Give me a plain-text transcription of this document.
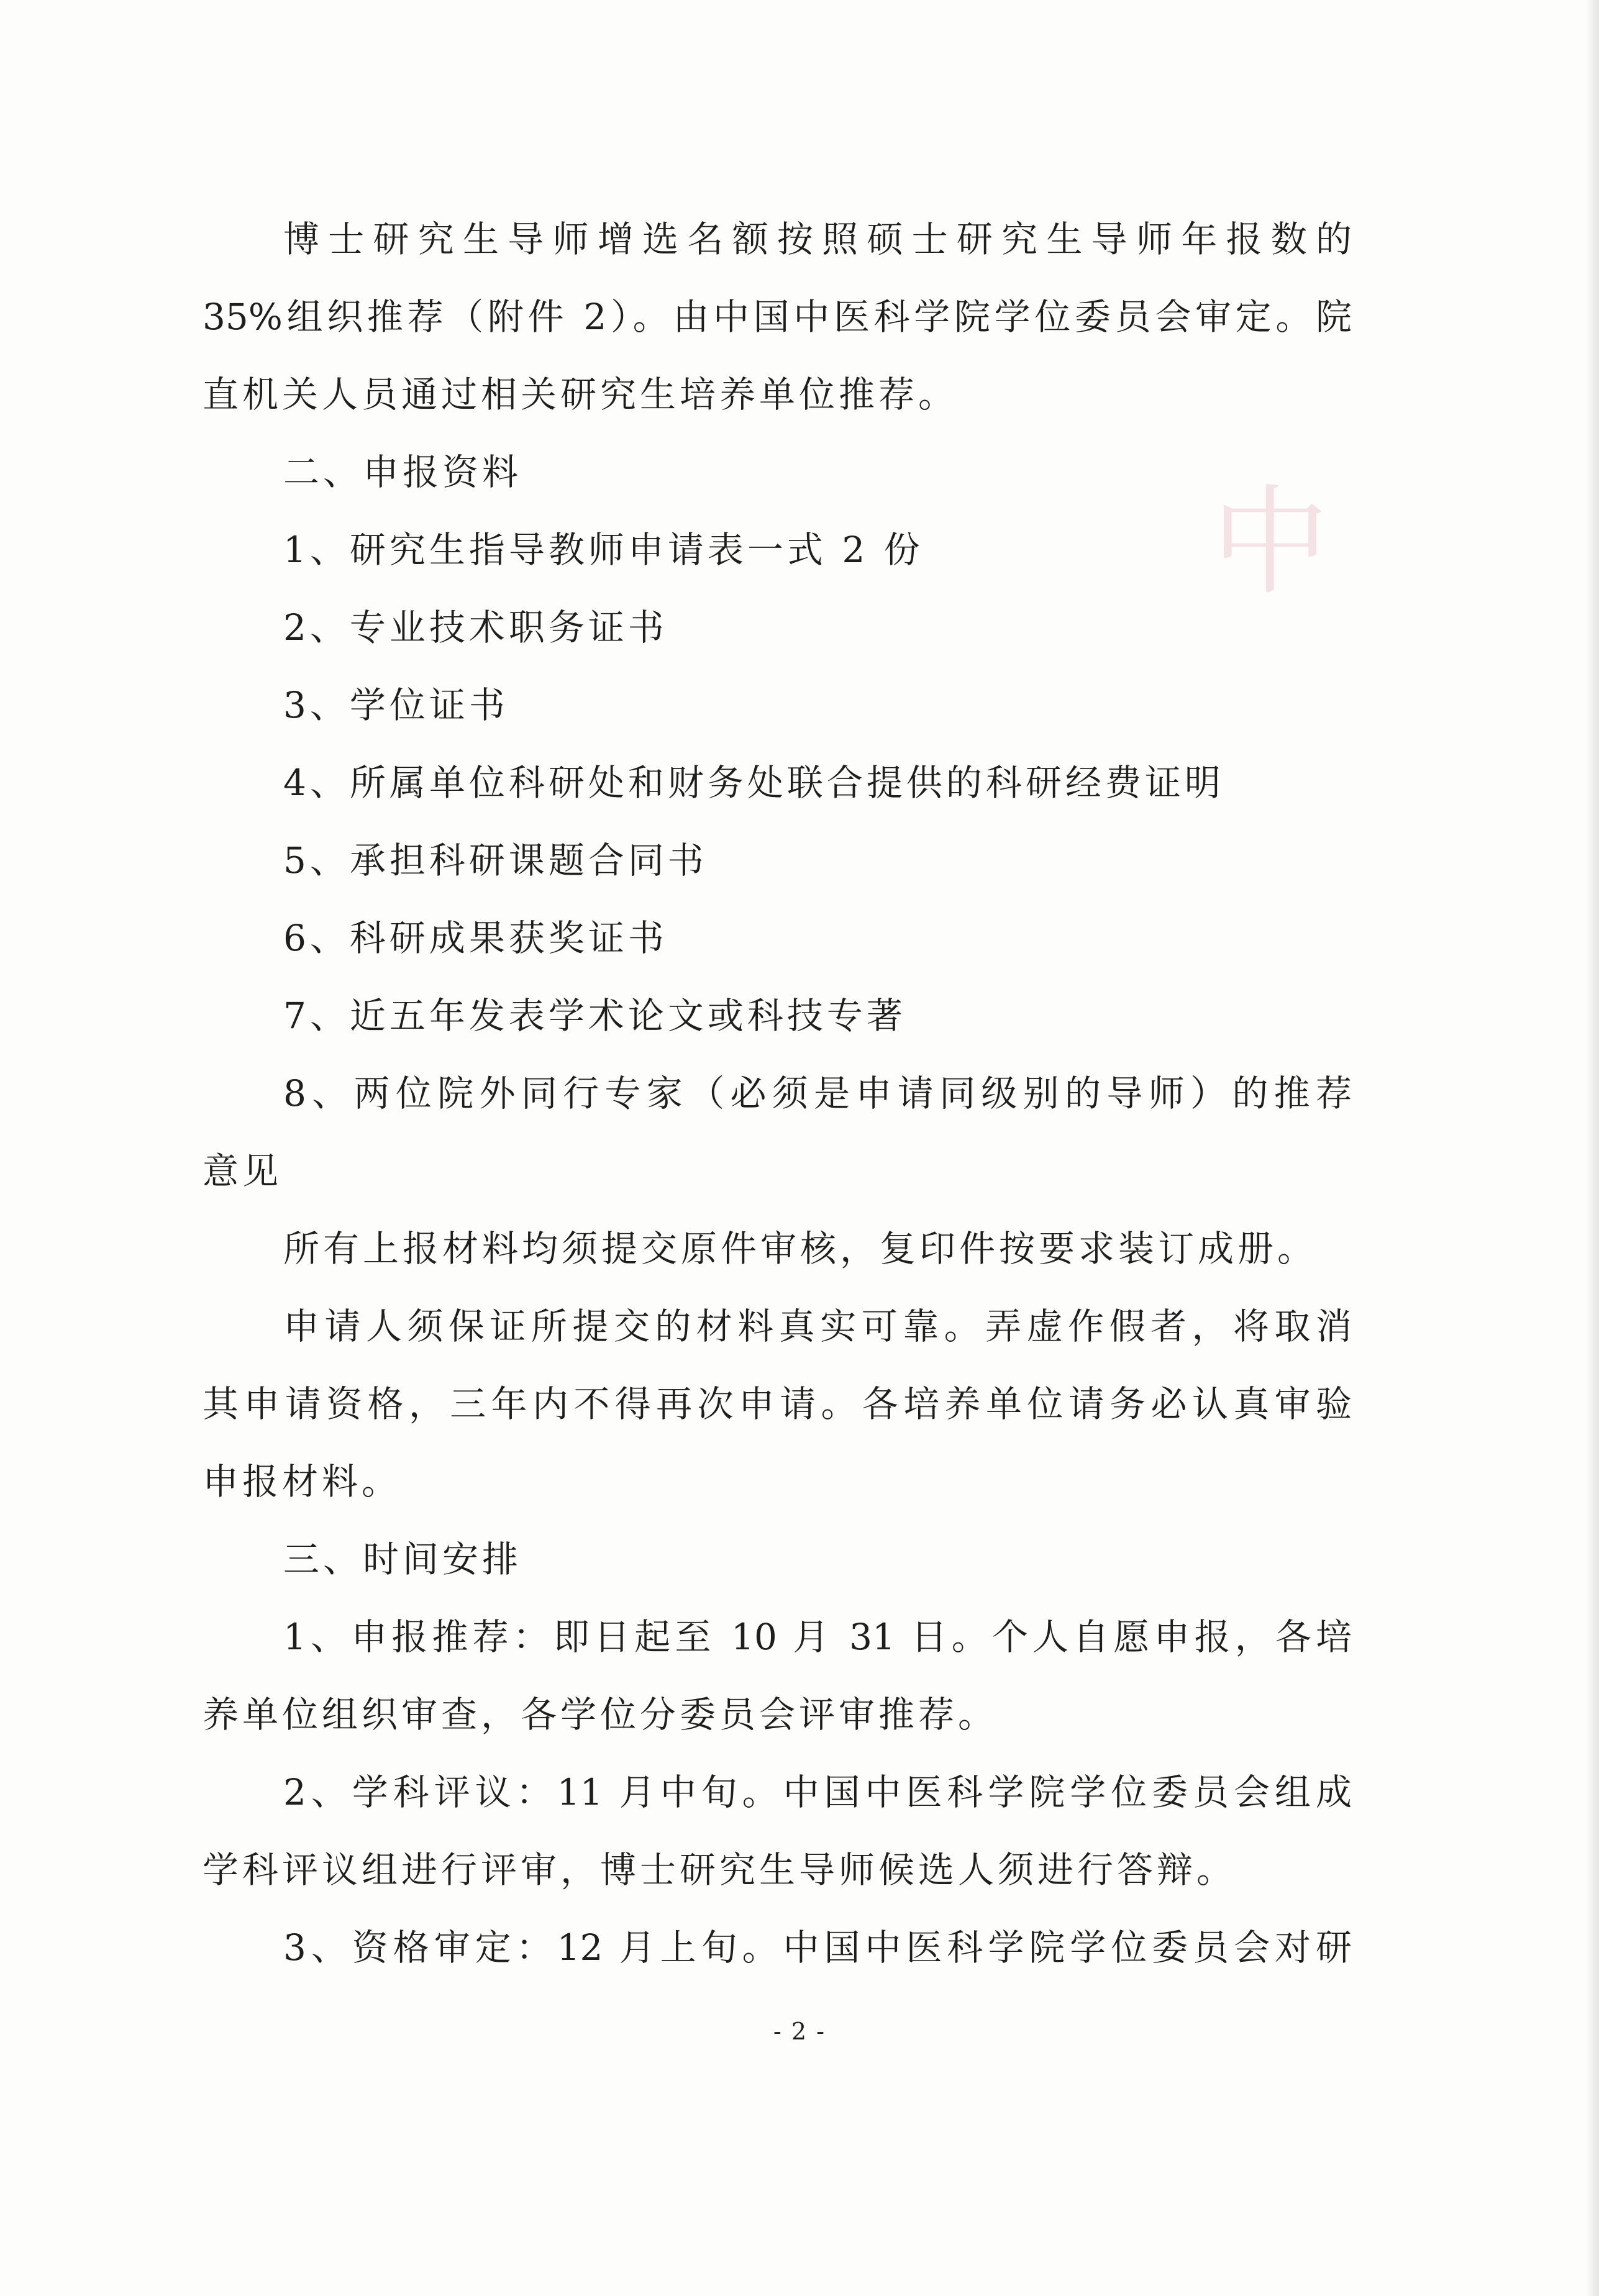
中
博士研究生导师增选名额按照硕士研究生导师年报数的
35%组织推荐（附件 2）。由中国中医科学院学位委员会审定。院
直机关人员通过相关研究生培养单位推荐。
二、申报资料
1、研究生指导教师申请表一式 2 份
2、专业技术职务证书
3、学位证书
4、所属单位科研处和财务处联合提供的科研经费证明
5、承担科研课题合同书
6、科研成果获奖证书
7、近五年发表学术论文或科技专著
8、两位院外同行专家（必须是申请同级别的导师）的推荐
意见
所有上报材料均须提交原件审核，复印件按要求装订成册。
申请人须保证所提交的材料真实可靠。弄虚作假者，将取消
其申请资格，三年内不得再次申请。各培养单位请务必认真审验
申报材料。
三、时间安排
1、申报推荐：即日起至 10 月 31 日。个人自愿申报，各培
养单位组织审查，各学位分委员会评审推荐。
2、学科评议：11 月中旬。中国中医科学院学位委员会组成
学科评议组进行评审，博士研究生导师候选人须进行答辩。
3、资格审定：12 月上旬。中国中医科学院学位委员会对研
- 2 -
